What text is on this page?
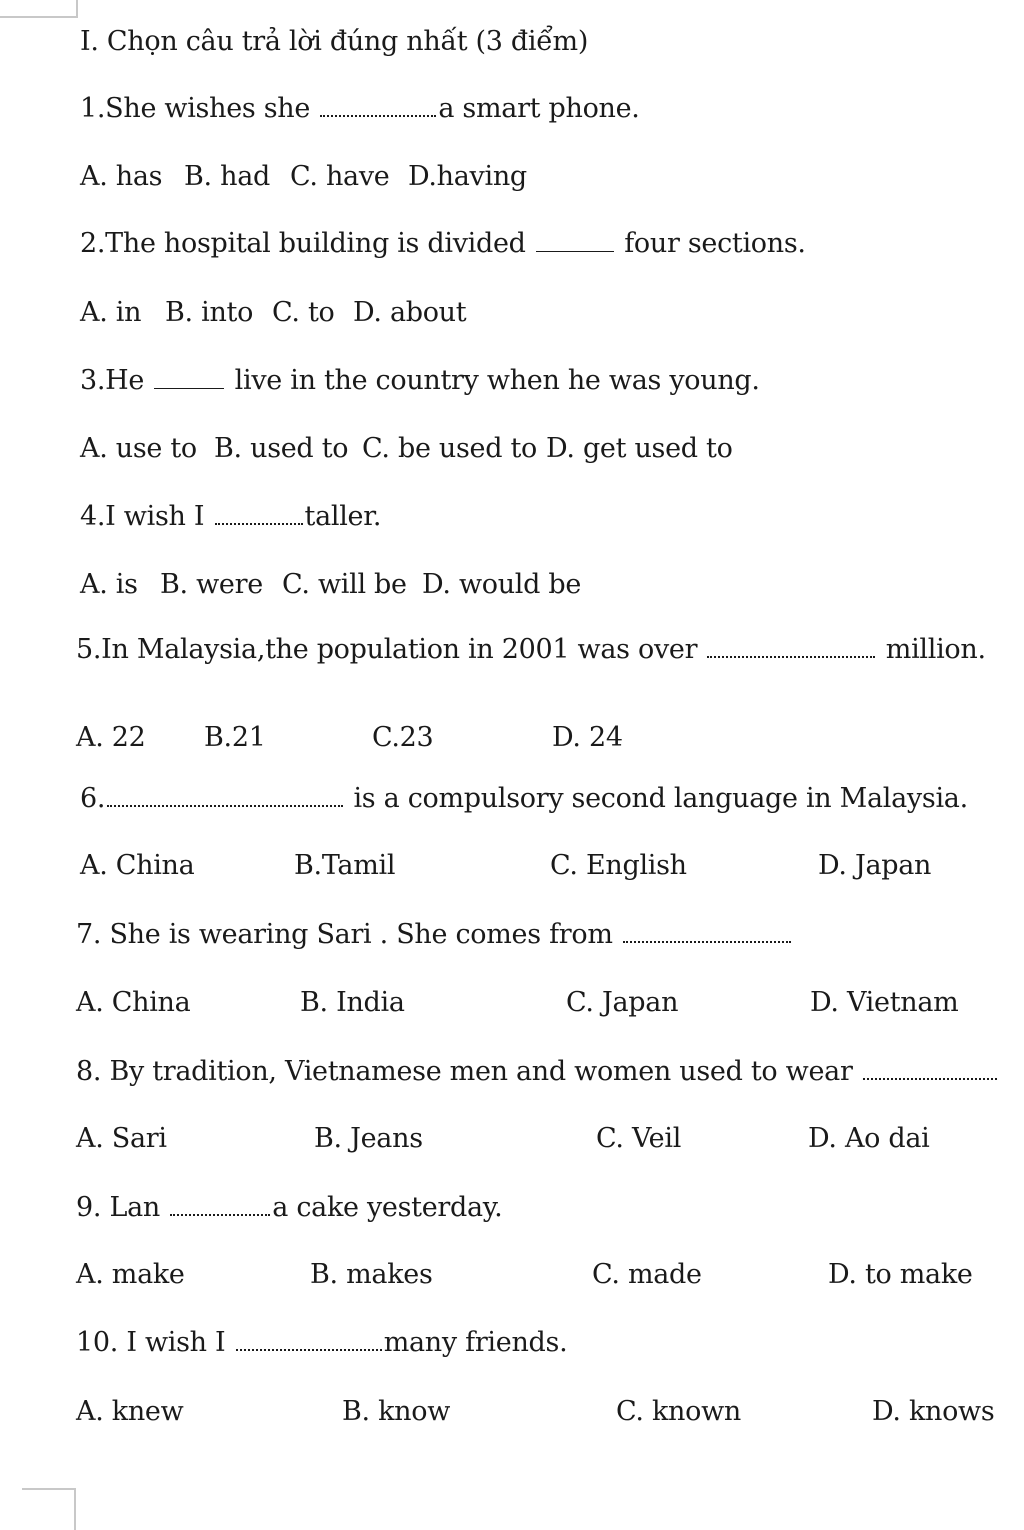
I. Chọn câu trả lời đúng nhất (3 điểm)
1.She wishes she	a smart phone.
A. has B. had C. have D.having
2.The hospital building is divided	four sections.
A. in B. into C. to D. about
3.He	live in the country when he was young.
A. use to B. used to C. be used to D. get used to
4.I wish I	taller.
A. is B. were C. will be D. would be
5.In Malaysia,the population in 2001 was over	million.
A. 22 B.21	C.23	D. 24
6.	is a compulsory second language in Malaysia.
A. China	B.Tamil	C. English	D. Japan
7. She is wearing Sari . She comes from
A. China	B. India	C. Japan	D. Vietnam
8. By tradition, Vietnamese men and women used to wear
A. Sari	B. Jeans	C. Veil	D. Ao dai
9. Lan	a cake yesterday.
A. make	B. makes	C. made	D. to make
10. I wish I	many friends.
A. knew	B. know	C. known	D. knows
